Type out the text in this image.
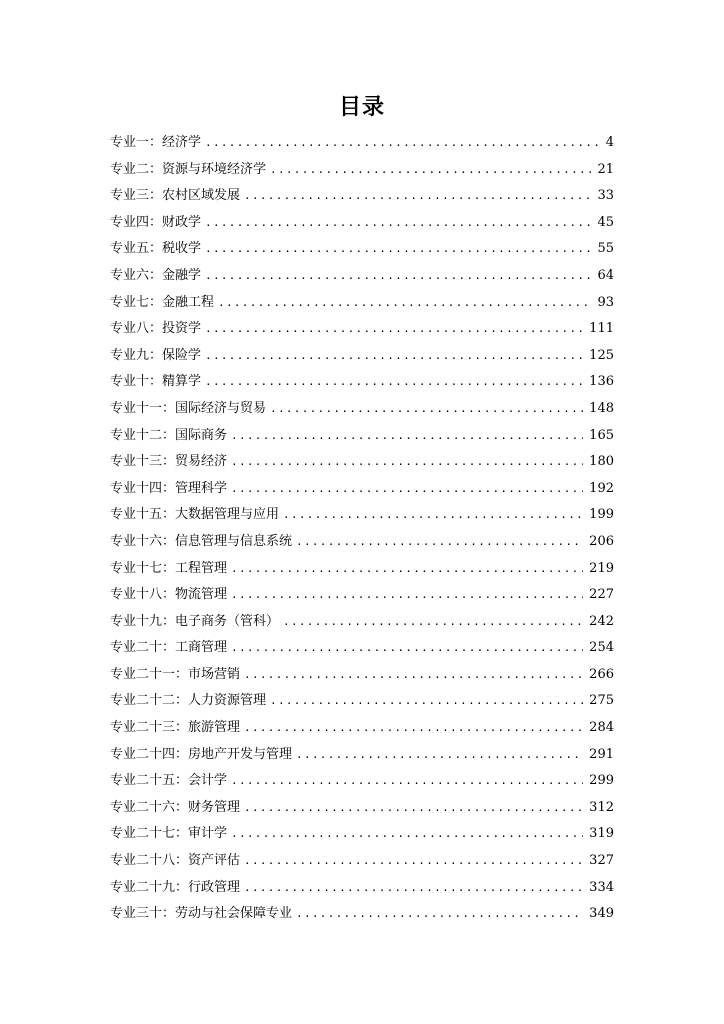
目录
专业一：经济学 .....	4
专业二：资源与环境经济学 .....	21
专业三：农村区域发展 .....	33
专业四：财政学 .....	45
专业五：税收学 .....	55
专业六：金融学 .....	64
专业七：金融工程 .....	93
专业八：投资学 .....	111
专业九：保险学 .....	125
专业十：精算学 .....	136
专业十一：国际经济与贸易 .....	148
专业十二：国际商务 .....	165
专业十三：贸易经济 .....	180
专业十四：管理科学 .....	192
专业十五：大数据管理与应用 .....	199
专业十六：信息管理与信息系统 .....	206
专业十七：工程管理 .....	219
专业十八：物流管理 .....	227
专业十九：电子商务（管科） .....	242
专业二十：工商管理 .....	254
专业二十一：市场营销 .....	266
专业二十二：人力资源管理 .....	275
专业二十三：旅游管理 .....	284
专业二十四：房地产开发与管理 .....	291
专业二十五：会计学 .....	299
专业二十六：财务管理 .....	312
专业二十七：审计学 .....	319
专业二十八：资产评估 .....	327
专业二十九：行政管理 .....	334
专业三十：劳动与社会保障专业 .....	349
